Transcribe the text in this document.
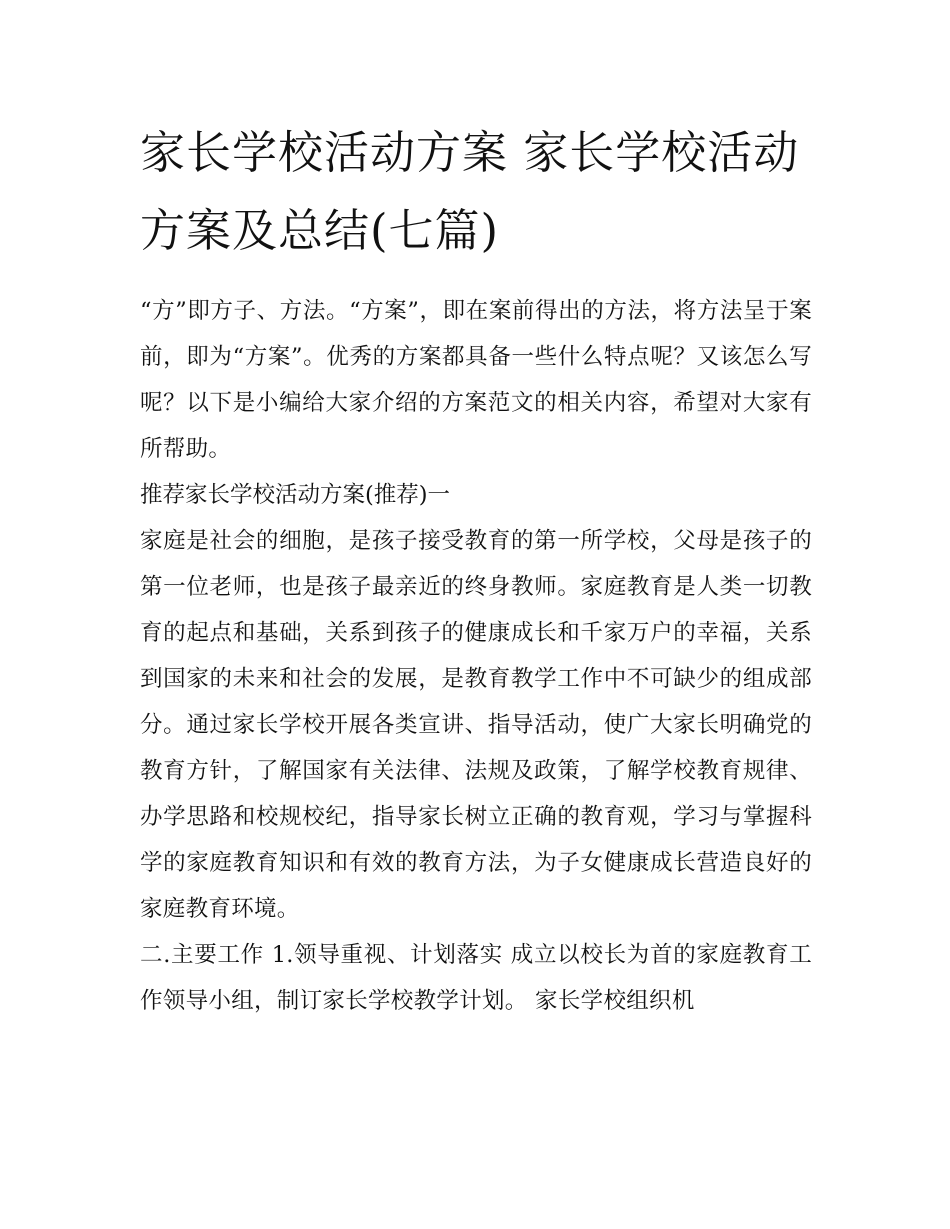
家长学校活动方案 家长学校活动方案及总结(七篇)

“方”即方子、方法。“方案”，即在案前得出的方法，将方法呈于案前，即为“方案”。优秀的方案都具备一些什么特点呢？又该怎么写呢？以下是小编给大家介绍的方案范文的相关内容，希望对大家有所帮助。

推荐家长学校活动方案(推荐)一

家庭是社会的细胞，是孩子接受教育的第一所学校，父母是孩子的第一位老师，也是孩子最亲近的终身教师。家庭教育是人类一切教育的起点和基础，关系到孩子的健康成长和千家万户的幸福，关系到国家的未来和社会的发展，是教育教学工作中不可缺少的组成部分。通过家长学校开展各类宣讲、指导活动，使广大家长明确党的教育方针，了解国家有关法律、法规及政策，了解学校教育规律、办学思路和校规校纪，指导家长树立正确的教育观，学习与掌握科学的家庭教育知识和有效的教育方法，为子女健康成长营造良好的家庭教育环境。

二.主要工作 1.领导重视、计划落实 成立以校长为首的家庭教育工作领导小组，制订家长学校教学计划。 家长学校组织机
